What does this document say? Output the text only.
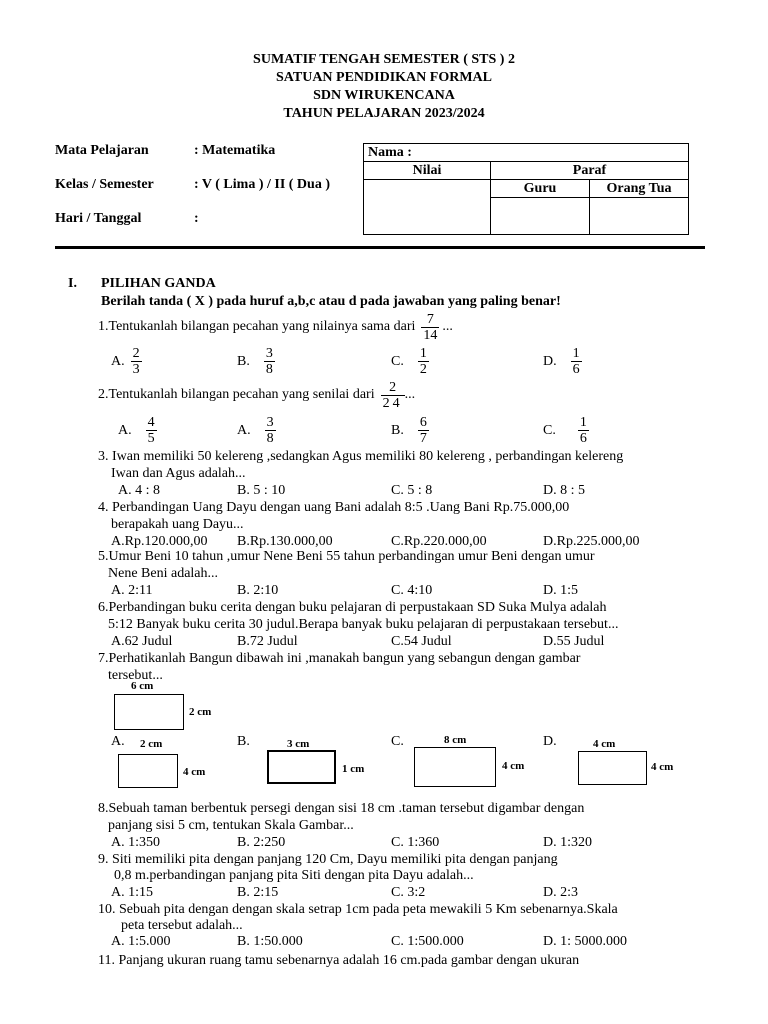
SUMATIF TENGAH SEMESTER ( STS ) 2
SATUAN PENDIDIKAN FORMAL
SDN WIRUKENCANA
TAHUN PELAJARAN 2023/2024
Mata Pelajaran	: Matematika
Kelas / Semester	: V ( Lima ) / II ( Dua )
Hari / Tanggal	:
Nama :		
Nilai	Paraf	
	Guru	Orang Tua

I. PILIHAN GANDA
Berilah tanda ( X ) pada huruf a,b,c atau d pada jawaban yang paling benar!
1.Tentukanlah bilangan pecahan yang nilainya sama dari $\frac{7}{14}$ ...
A. $\frac{2}{3}$	B. $\frac{3}{8}$	C. $\frac{1}{2}$	D. $\frac{1}{6}$
2.Tentukanlah bilangan pecahan yang senilai dari $\frac{2}{24}$ ...
A. $\frac{4}{5}$	A. $\frac{3}{8}$	B. $\frac{6}{7}$	C. $\frac{1}{6}$
3. Iwan memiliki 50 kelereng ,sedangkan Agus memiliki 80 kelereng , perbandingan kelereng
Iwan dan Agus adalah...
A. 4 : 8	B. 5 : 10	C. 5 : 8	D. 8 : 5
4. Perbandingan Uang Dayu dengan uang Bani adalah 8:5 .Uang Bani Rp.75.000,00
berapakah uang Dayu...
A.Rp.120.000,00 B.Rp.130.000,00	C.Rp.220.000,00	D.Rp.225.000,00
5.Umur Beni 10 tahun ,umur Nene Beni 55 tahun perbandingan umur Beni dengan umur
Nene Beni adalah...
A. 2:11	B. 2:10	C. 4:10	D. 1:5
6.Perbandingan buku cerita dengan buku pelajaran di perpustakaan SD Suka Mulya adalah
5:12 Banyak buku cerita 30 judul.Berapa banyak buku pelajaran di perpustakaan tersebut...
A.62 Judul	B.72 Judul	C.54 Judul	D.55 Judul
7.Perhatikanlah Bangun dibawah ini ,manakah bangun yang sebangun dengan gambar
tersebut...
6 cm
2 cm
A. 2 cm
4 cm
B.	3 cm
1 cm
C.	8 cm
4 cm
D.	4 cm
4 cm
8.Sebuah taman berbentuk persegi dengan sisi 18 cm .taman tersebut digambar dengan
panjang sisi 5 cm, tentukan Skala Gambar...
A. 1:350	B. 2:250	C. 1:360	D. 1:320
9. Siti memiliki pita dengan panjang 120 Cm, Dayu memiliki pita dengan panjang
0,8 m.perbandingan panjang pita Siti dengan pita Dayu adalah...
A. 1:15	B. 2:15	C. 3:2	D. 2:3
10. Sebuah pita dengan dengan skala setrap 1cm pada peta mewakili 5 Km sebenarnya.Skala
peta tersebut adalah...
A. 1:5.000	B. 1:50.000	C. 1:500.000	D. 1: 5000.000
11. Panjang ukuran ruang tamu sebenarnya adalah 16 cm.pada gambar dengan ukuran
